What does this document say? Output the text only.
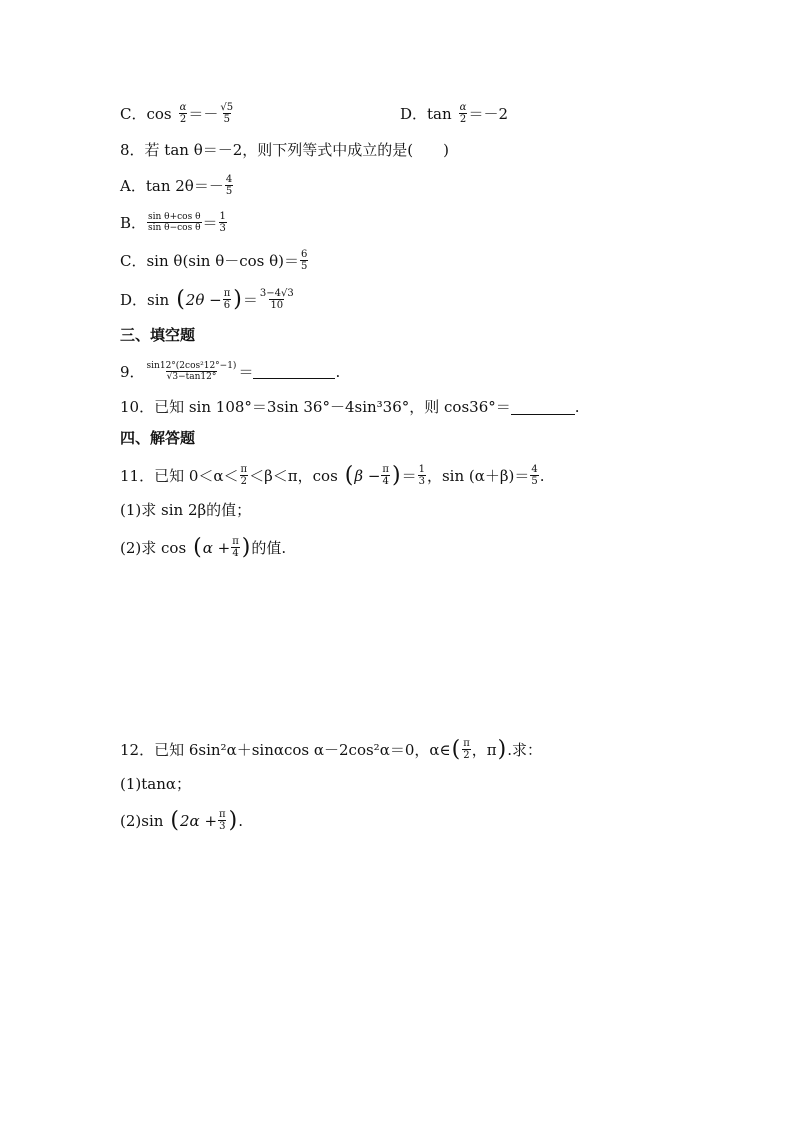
C． $\cos \frac{\alpha}{2} =- \frac{√5}{5}$	D． $\tan \frac{\alpha}{2} =-2$
8．若 tan θ＝－2，则下列等式中成立的是(　　)
A． $\tan 2\theta=- \frac{4}{5}$
B． $\frac{\text{sin θ+cos θ}}{\text{sin θ−cos θ}} = \frac{1}{3}$
C． sin θ(sin θ－cos $\theta)= \frac{6}{5}$
D． sin ( $2\theta - \frac{\pi}{6}$ ) ＝ $\frac{3-4√3}{10}$
三、填空题
9． $\frac{\text{sin12°(2cos²12°−1)}}{√3-\tan 12^\circ}$ ＝	.
10．已知 sin 108°＝3sin 36°－4sin³36°，则 cos36°＝	.
四、解答题
11．已知 $0<\alpha< \frac{\pi}{2} <\beta<\pi$，cos ( $\beta - \frac{\pi}{4}$ ) ＝ $\frac{1}{3}$ ，$\sin (\alpha+\beta)= \frac{4}{5}$ .
(1)求 sin 2β的值；
(2)求 cos ( $\alpha + \frac{\pi}{4}$ ) 的值.
12．已知 6sin²α＋sinαcos α－2cos²α＝0，α∈ ( $\frac{\pi}{2}$ ，π ) .求：
(1)tanα；
(2)sin ( $2\alpha + \frac{\pi}{3}$ ) .
